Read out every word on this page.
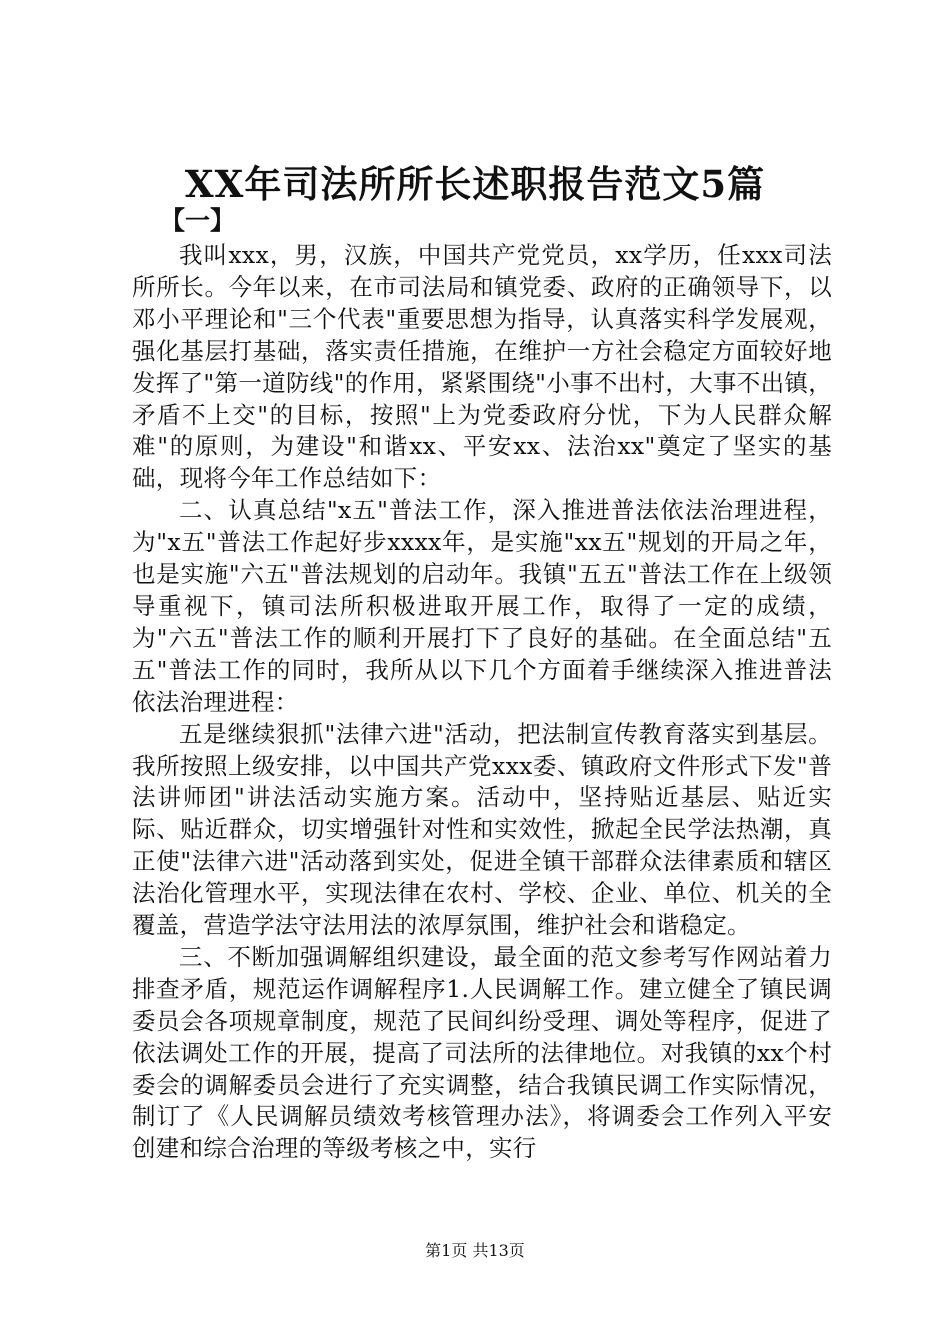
XX年司法所所长述职报告范文5篇
【一】

我叫xxx，男，汉族，中国共产党党员，xx学历，任xxx司法所所长。今年以来，在市司法局和镇党委、政府的正确领导下，以邓小平理论和"三个代表"重要思想为指导，认真落实科学发展观，强化基层打基础，落实责任措施，在维护一方社会稳定方面较好地发挥了"第一道防线"的作用，紧紧围绕"小事不出村，大事不出镇，矛盾不上交"的目标，按照"上为党委政府分忧，下为人民群众解难"的原则，为建设"和谐xx、平安xx、法治xx"奠定了坚实的基础，现将今年工作总结如下：

二、认真总结"x五"普法工作，深入推进普法依法治理进程，为"x五"普法工作起好步xxxx年，是实施"xx五"规划的开局之年，也是实施"六五"普法规划的启动年。我镇"五五"普法工作在上级领导重视下，镇司法所积极进取开展工作，取得了一定的成绩，为"六五"普法工作的顺利开展打下了良好的基础。在全面总结"五五"普法工作的同时，我所从以下几个方面着手继续深入推进普法依法治理进程：

五是继续狠抓"法律六进"活动，把法制宣传教育落实到基层。我所按照上级安排，以中国共产党xxx委、镇政府文件形式下发"普法讲师团"讲法活动实施方案。活动中，坚持贴近基层、贴近实际、贴近群众，切实增强针对性和实效性，掀起全民学法热潮，真正使"法律六进"活动落到实处，促进全镇干部群众法律素质和辖区法治化管理水平，实现法律在农村、学校、企业、单位、机关的全覆盖，营造学法守法用法的浓厚氛围，维护社会和谐稳定。

三、不断加强调解组织建设，最全面的范文参考写作网站着力排查矛盾，规范运作调解程序1.人民调解工作。建立健全了镇民调委员会各项规章制度，规范了民间纠纷受理、调处等程序，促进了依法调处工作的开展，提高了司法所的法律地位。对我镇的xx个村委会的调解委员会进行了充实调整，结合我镇民调工作实际情况，制订了《人民调解员绩效考核管理办法》，将调委会工作列入平安创建和综合治理的等级考核之中，实行

第1页 共13页
